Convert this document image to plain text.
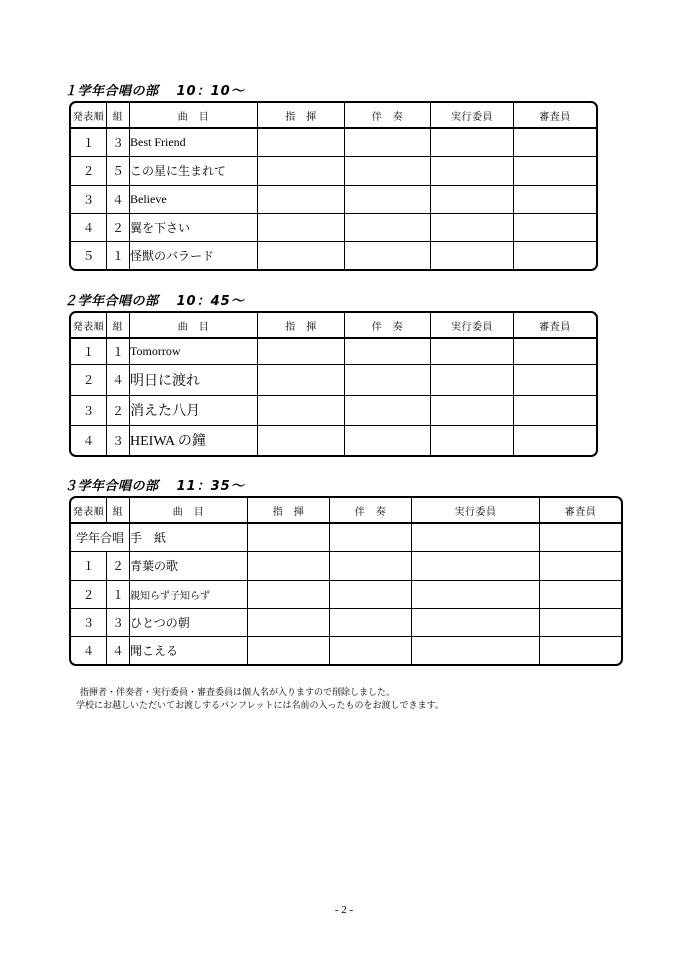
１学年合唱の部 10：10～
発表順	組	曲　目	指　揮	伴　奏	実行委員	審査員
１	３	Best Friend				
２	５	この星に生まれて				
３	４	Believe				
４	２	翼を下さい				
５	１	怪獣のバラード				
２学年合唱の部 10：45～
発表順	組	曲　目	指　揮	伴　奏	実行委員	審査員
１	１	Tomorrow				
２	４	明日に渡れ				
３	２	消えた八月				
４	３	HEIWA の鐘				
３学年合唱の部 11：35～
発表順	組	曲　目	指　揮	伴　奏	実行委員	審査員
学年合唱		手　紙				
１	２	青葉の歌				
２	１	親知らず子知らず				
３	３	ひとつの朝				
４	４	聞こえる				
指揮者・伴奏者・実行委員・審査委員は個人名が入りますので削除しました。
学校にお越しいただいてお渡しするパンフレットには名前の入ったものをお渡しできます。
- 2 -
